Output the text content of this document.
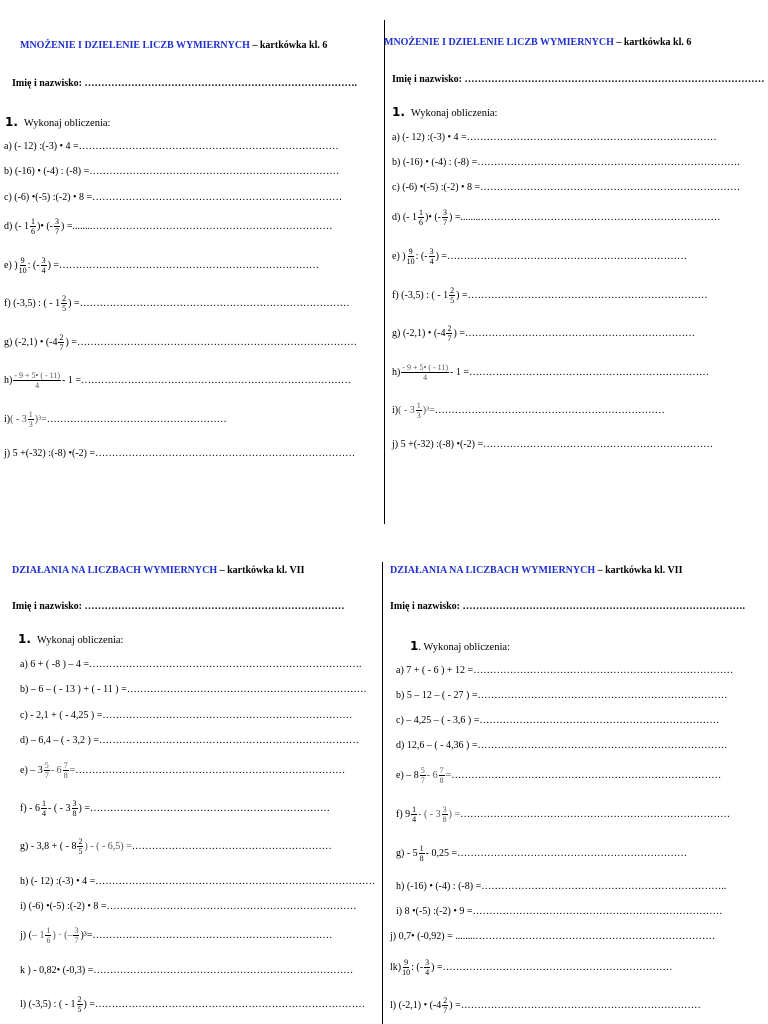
MNOŻENIE I DZIELENIE LICZB WYMIERNYCH – kartkówka kl. 6
Imię i nazwisko: ……………………………………………………………………….
1. Wykonaj obliczenia:
a) (- 12) :(-3) • 4 = ……………………………………………………………………
b) (-16) • (-4) : (-8) = …………………………………………………………………
c) (-6) •(-5) :(-2) • 8 = …………………………………………………………………
d) (- $1 \frac{1}{6}$ )• (- $\frac{3}{7}$ ) =........ ………………………………………………………………
e) ) $\frac{9}{10}$ : (- $\frac{3}{4}$ ) = ……………………………………………………………………
f) (-3,5) : ( - $1 \frac{2}{5}$ ) = ………………………………………………………………………
g) (-2,1) • ($-4 \frac{2}{7}$ ) = …………………………………………………………………………
$h) \frac{- 9 + 5• ( - 11)}{4} - 1$ = ………………………………………………………………………
i) ( - $3 \frac{1}{3} )^3=$ ………………………………………………
j) 5 +(-32) :(-8) •(-2) = ……………………………………………………………………
MNOŻENIE I DZIELENIE LICZB WYMIERNYCH – kartkówka kl. 6
Imię i nazwisko: ………………………………………………………………………………
1. Wykonaj obliczenia:
a) (- 12) :(-3) • 4 = …………………………………………………………………
b) (-16) • (-4) : (-8) = …………………………………………………………………….
c) (-6) •(-5) :(-2) • 8 = ……………………………………………………………………
d) (- $1 \frac{1}{6}$ )• (- $\frac{3}{7}$ ) =........ ………………………………………………………………
e) ) $\frac{9}{10}$ : (- $\frac{3}{4}$ ) = ………………………………………………………………
f) (-3,5) : ( - $1 \frac{2}{5}$ ) = ………………………………………………………………
g) (-2,1) • ($-4 \frac{2}{7}$ ) = ……………………………………………………………
$h) \frac{- 9 + 5• ( - 11)}{4} - 1$ = ………………………………………………………………
i) ( - $3 \frac{1}{3} )^3=$ ……………………………………………………………
j) 5 +(-32) :(-8) •(-2) = ……………………………………………………………
DZIAŁANIA NA LICZBACH WYMIERNYCH – kartkówka kl. VII
Imię i nazwisko: ……………………………………………………………………
1. Wykonaj obliczenia:
a) 6 + ( -8 ) – 4 = ……………………………………………………………………….
b) – 6 – ( - 13 ) + ( - 11 ) = ………………………………………………………………
c) - 2,1 + ( - 4,25 ) = …………………………………………………………………
d) – 6,4 – ( - 3,2 ) = ……………………………………………………………………
$e) - 3 \frac{5}{7} - 6 \frac{7}{8}$ = ………………………………………………………………………
$f) - 6 \frac{1}{4}$ - ( - $3 \frac{3}{8}$ ) = ………………………………………………………………
g) - 3,8 + ( - $8 \frac{2}{5}$ ) - ( - 6,5) = ……………………………………………………
h) (- 12) :(-3) • 4 = …………………………………………………………………………
i) (-6) •(-5) :(-2) • 8 = …………………………………………………………………
j) ( – $1 \frac{1}{6}$ ) · (– $\frac{3}{7} )^3=$ ………………………………………………………………
k ) - 0,82• (-0,3) = ……………………………………………………………………
l) (-3,5) : ( - $1 \frac{2}{5}$ ) = ………………………………………………………………………
DZIAŁANIA NA LICZBACH WYMIERNYCH – kartkówka kl. VII
Imię i nazwisko: ………………………………………………………………………….
1. Wykonaj obliczenia:
a) 7 + ( - 6 ) + 12 = ……………………………………………………………………
b) 5 – 12 – ( - 27 ) = …………………………………………………………………
c) – 4,25 – ( - 3,6 ) = ………………………………………………………………
d) 12,6 – ( - 4,36 ) = …………………………………………………………………
$e) - 8 \frac{5}{7} - 6 \frac{7}{8}$ = ………………………………………………………………………
f) $9 \frac{1}{4}$ - ( - $3 \frac{3}{8}$ ) = ………………………………………………………………………
$g) - 5 \frac{1}{8} - 0,25$ = ……………………………………………………………
h) (-16) • (-4) : (-8) = ………………………………………………………………..
i) 8 •(-5) :(-2) • 9 = …………………………………………………………………
j) 0,7• (-0,92) = ........ ………………………………………………………………
$lk) \frac{9}{10}$ : (- $\frac{3}{4}$ ) = ……………………………………………………………
l) (-2,1) • ($-4 \frac{2}{7}$ ) = ………………………………………………………………
